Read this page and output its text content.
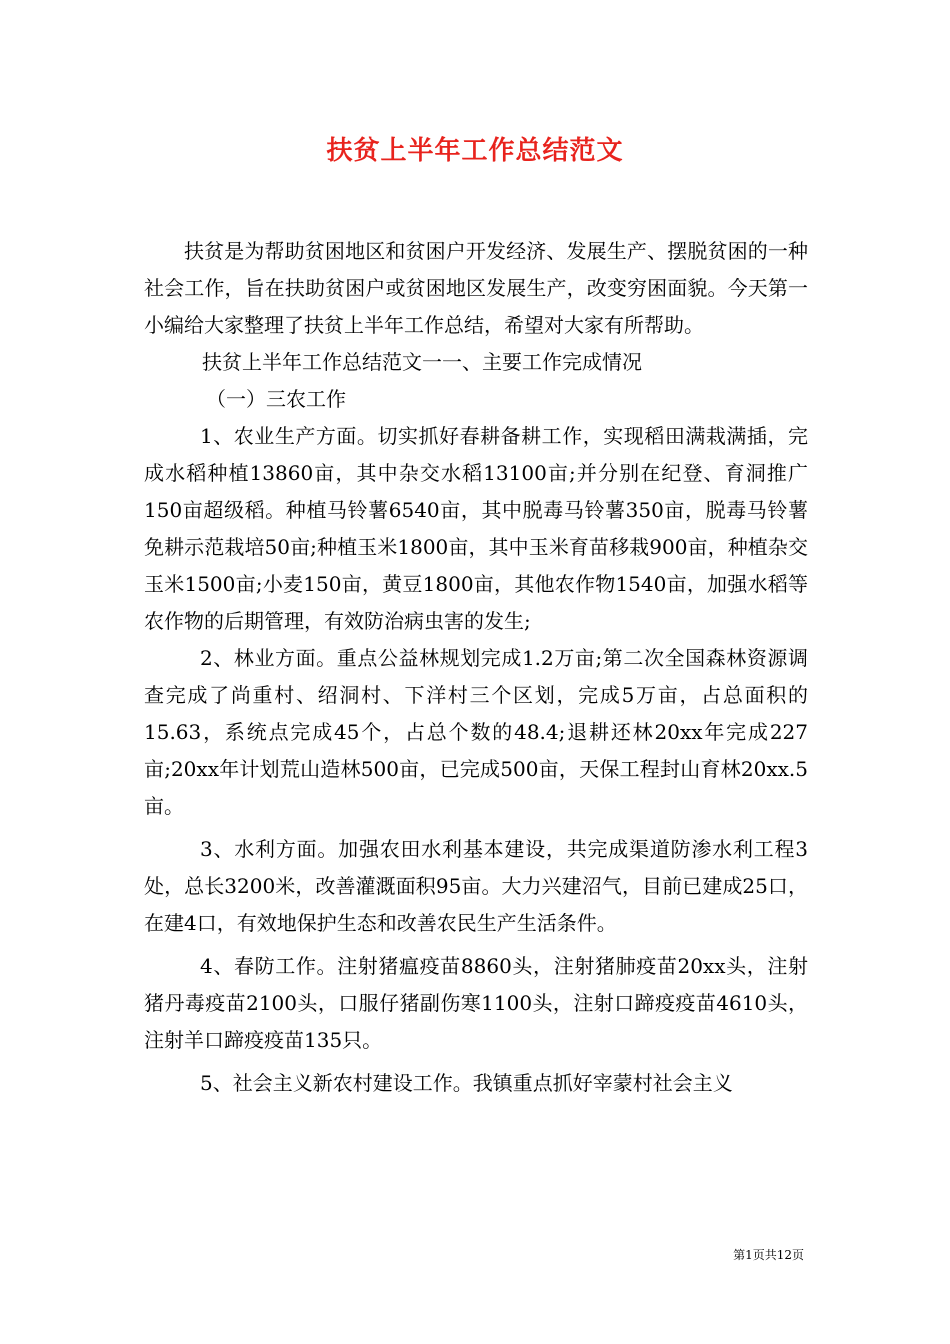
扶贫上半年工作总结范文

扶贫是为帮助贫困地区和贫困户开发经济、发展生产、摆脱贫困的一种社会工作，旨在扶助贫困户或贫困地区发展生产，改变穷困面貌。今天第一小编给大家整理了扶贫上半年工作总结，希望对大家有所帮助。

扶贫上半年工作总结范文一一、主要工作完成情况

（一）三农工作

1、农业生产方面。切实抓好春耕备耕工作，实现稻田满栽满插，完成水稻种植13860亩，其中杂交水稻13100亩;并分别在纪登、育洞推广150亩超级稻。种植马铃薯6540亩，其中脱毒马铃薯350亩，脱毒马铃薯免耕示范栽培50亩;种植玉米1800亩，其中玉米育苗移栽900亩，种植杂交玉米1500亩;小麦150亩，黄豆1800亩，其他农作物1540亩，加强水稻等农作物的后期管理，有效防治病虫害的发生;

2、林业方面。重点公益林规划完成1.2万亩;第二次全国森林资源调查完成了尚重村、绍洞村、下洋村三个区划，完成5万亩，占总面积的15.63，系统点完成45个，占总个数的48.4;退耕还林20xx年完成227亩;20xx年计划荒山造林500亩，已完成500亩，天保工程封山育林20xx.5亩。

3、水利方面。加强农田水利基本建设，共完成渠道防渗水利工程3处，总长3200米，改善灌溉面积95亩。大力兴建沼气，目前已建成25口，在建4口，有效地保护生态和改善农民生产生活条件。

4、春防工作。注射猪瘟疫苗8860头，注射猪肺疫苗20xx头，注射猪丹毒疫苗2100头，口服仔猪副伤寒1100头，注射口蹄疫疫苗4610头，注射羊口蹄疫疫苗135只。

5、社会主义新农村建设工作。我镇重点抓好宰蒙村社会主义

第1页共12页
